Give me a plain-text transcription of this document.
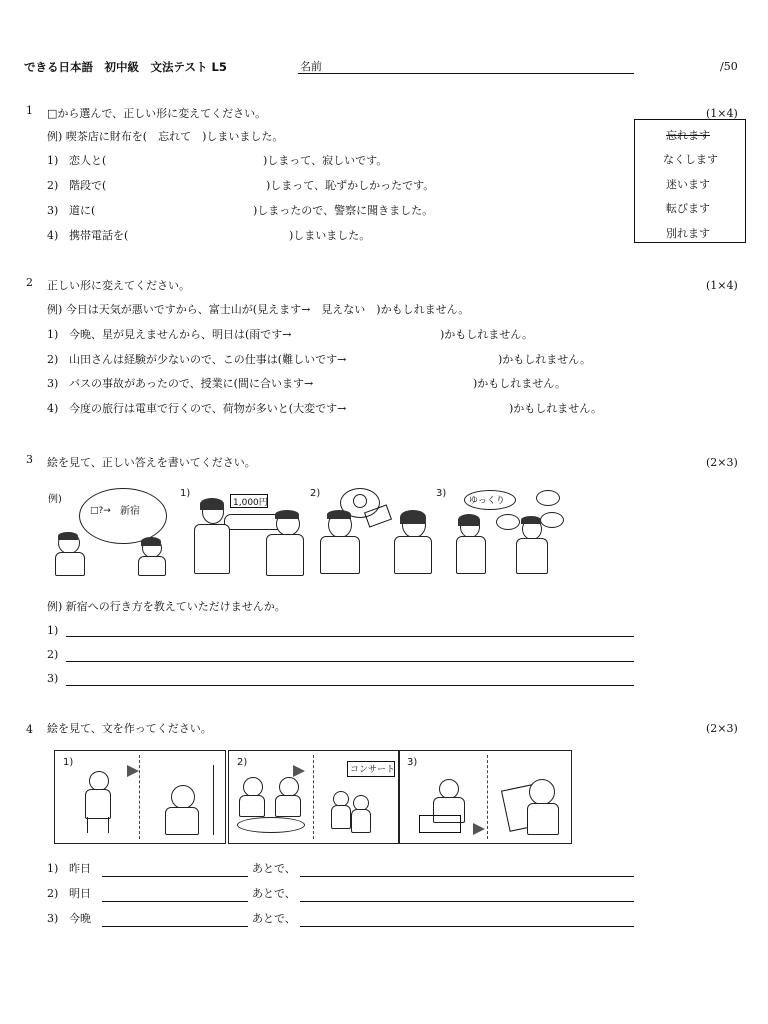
できる日本語　初中級　文法テスト L5	名前	/50
1 □から選んで、正しい形に変えてください。	(1×4)
例) 喫茶店に財布を(　忘れて　)しまいました。
1) 恋人と(	)しまって、寂しいです。
2) 階段で(	)しまって、恥ずかしかったです。
3) 道に(	)しまったので、警察に聞きました。
4) 携帯電話を(	)しまいました。
忘れます
なくします
迷います
転びます
別れます
2 正しい形に変えてください。	(1×4)
例) 今日は天気が悪いですから、富士山が(見えます→　見えない　)かもしれません。
1) 今晩、星が見えませんから、明日は(雨です→	)かもしれません。
2) 山田さんは経験が少ないので、この仕事は(難しいです→	)かもしれません。
3) バスの事故があったので、授業に(間に合います→	)かもしれません。
4) 今度の旅行は電車で行くので、荷物が多いと(大変です→	)かもしれません。
3 絵を見て、正しい答えを書いてください。	(2×3)
例)
新宿
□?→
1)
1,000円
2)	3)
ゆっくり
例) 新宿への行き方を教えていただけませんか。
1)
2)
3)
4 絵を見て、文を作ってください。	(2×3)
1)	2)
コンサート
3)
1) 昨日	あとで、
2) 明日	あとで、
3) 今晩	あとで、
